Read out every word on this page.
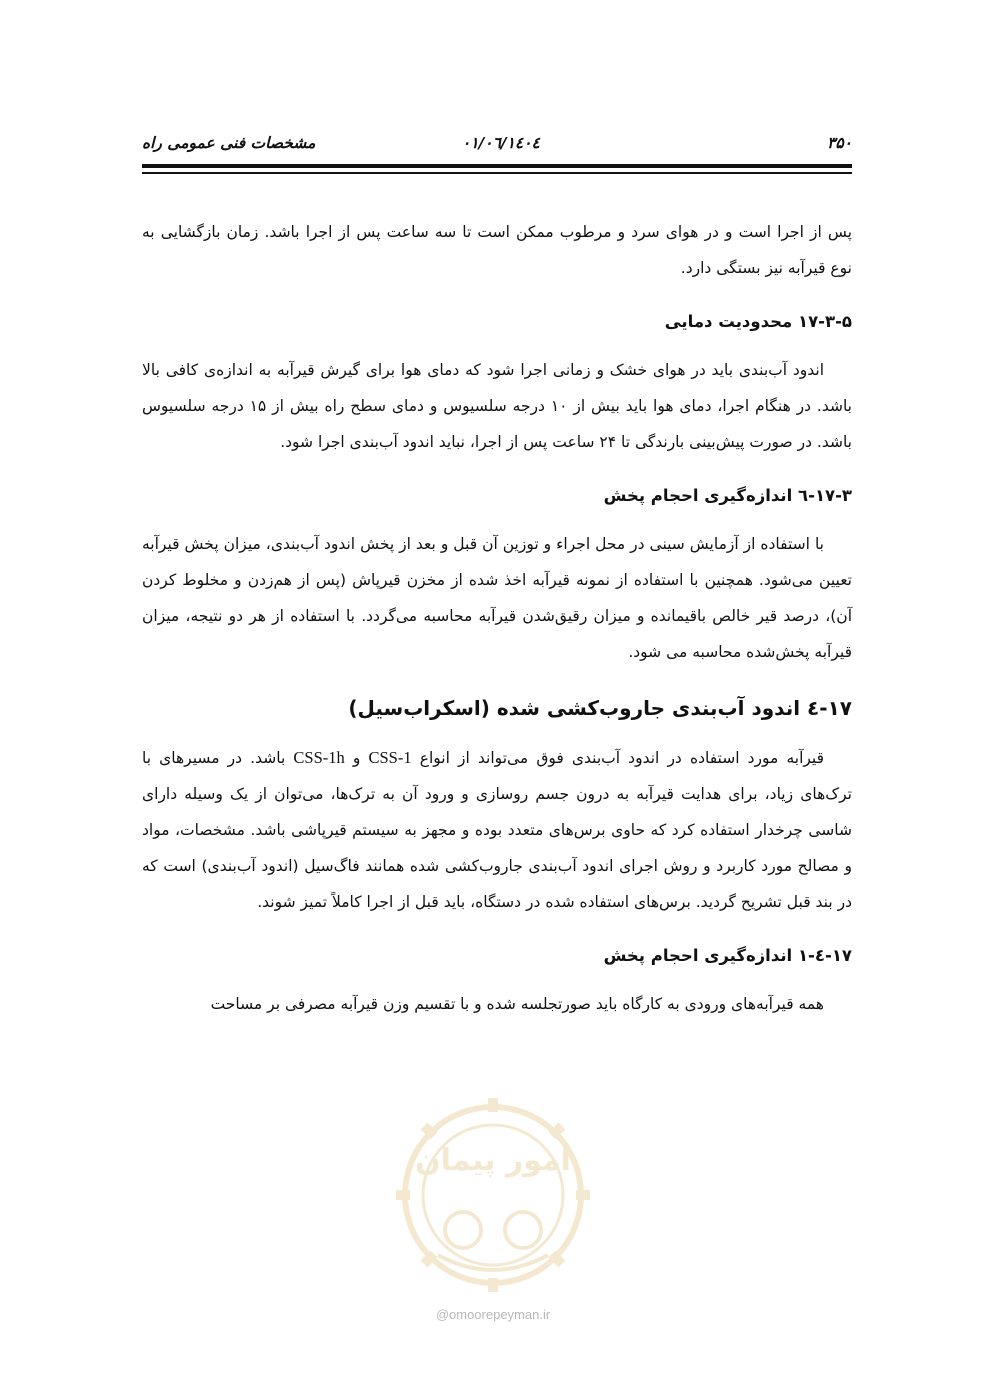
۳۵۰
۱٤۰٤/۰٦/۰۱
مشخصات فنی عمومی راه

پس از اجرا است و در هوای سرد و مرطوب ممکن است تا سه ساعت پس از اجرا باشد. زمان بازگشایی به نوع قیرآبه نیز بستگی دارد.

۱۷-۳-۵ محدودیت دمایی

اندود آب‌بندی باید در هوای خشک و زمانی اجرا شود که دمای هوا برای گیرش قیرآبه به اندازه‌ی کافی بالا باشد. در هنگام اجرا، دمای هوا باید بیش از ۱۰ درجه سلسیوس و دمای سطح راه بیش از ۱۵ درجه سلسیوس باشد. در صورت پیش‌بینی بارندگی تا ۲۴ ساعت پس از اجرا، نباید اندود آب‌بندی اجرا شود.

۱۷-۳-٦ اندازه‌گیری احجام پخش

با استفاده از آزمایش سینی در محل اجراء و توزین آن قبل و بعد از پخش اندود آب‌بندی، میزان پخش قیرآبه تعیین می‌شود. همچنین با استفاده از نمونه قیرآبه اخذ شده از مخزن قیرپاش (پس از هم‌زدن و مخلوط کردن آن)، درصد قیر خالص باقیمانده و میزان رقیق‌شدن قیرآبه محاسبه می‌گردد. با استفاده از هر دو نتیجه، میزان قیرآبه پخش‌شده محاسبه می شود.

۱۷-٤ اندود آب‌بندی جاروب‌کشی شده (اسکراب‌سیل)

قیرآبه مورد استفاده در اندود آب‌بندی فوق می‌تواند از انواع CSS-1 و CSS-1h باشد. در مسیرهای با ترک‌های زیاد، برای هدایت قیرآبه به درون جسم روسازی و ورود آن به ترک‌ها، می‌توان از یک وسیله دارای شاسی چرخدار استفاده کرد که حاوی برس‌های متعدد بوده و مجهز به سیستم قیرپاشی باشد. مشخصات، مواد و مصالح مورد کاربرد و روش اجرای اندود آب‌بندی جاروب‌کشی شده همانند فاگ‌سیل (اندود آب‌بندی) است که در بند قبل تشریح گردید. برس‌های استفاده شده در دستگاه، باید قبل از اجرا کاملاً تمیز شوند.

۱۷-٤-۱ اندازه‌گیری احجام پخش

همه قیرآبه‌های ورودی به کارگاه باید صورتجلسه شده و با تقسیم وزن قیرآبه مصرفی بر مساحت

امور پیمان
@omoorepeyman.ir
